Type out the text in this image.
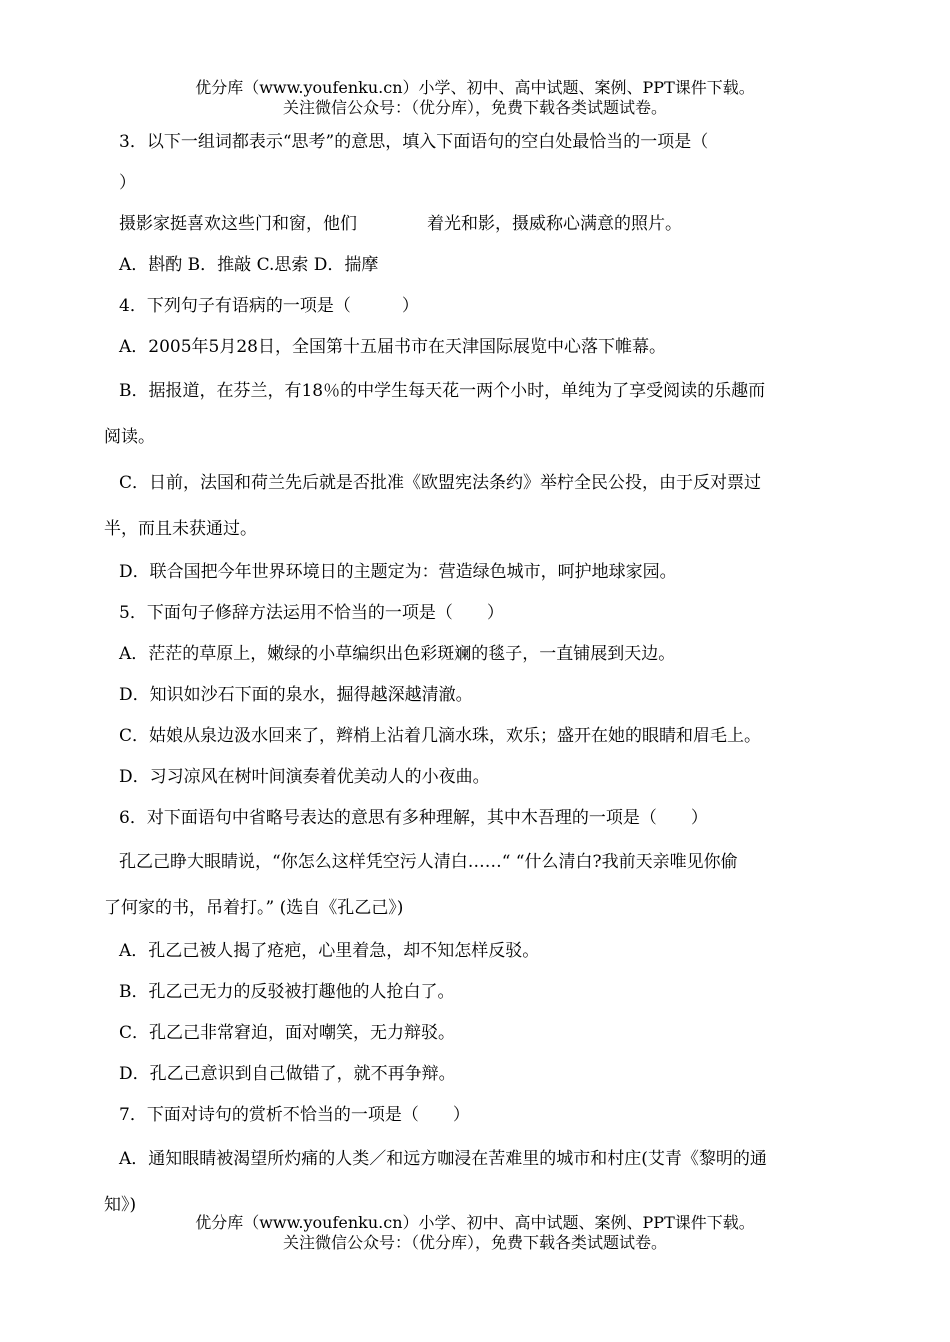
优分库（www.youfenku.cn）小学、初中、高中试题、案例、PPT课件下载。
关注微信公众号：（优分库），免费下载各类试题试卷。
3．以下一组词都表示“思考”的意思，填入下面语句的空白处最恰当的一项是（
）
摄影家挺喜欢这些门和窗，他们	着光和影，摄威称心满意的照片。
A．斟酌 B．推敲 C.思索 D．揣摩
4．下列句子有语病的一项是（　　　）
A．2005年5月28日，全国第十五届书市在天津国际展览中心落下帷幕。
B．据报道，在芬兰，有18％的中学生每天花一两个小时，单纯为了享受阅读的乐趣而
阅读。
C．日前，法国和荷兰先后就是否批准《欧盟宪法条约》举柠全民公投，由于反对票过
半，而且未获通过。
D．联合国把今年世界环境日的主题定为：营造绿色城市，呵护地球家园。
5．下面句子修辞方法运用不恰当的一项是（　　）
A．茫茫的草原上，嫩绿的小草编织出色彩斑斓的毯子，一直铺展到天边。
D．知识如沙石下面的泉水，掘得越深越清澈。
C．姑娘从泉边汲水回来了，辫梢上沾着几滴水珠，欢乐；盛开在她的眼睛和眉毛上。
D．习习凉风在树叶间演奏着优美动人的小夜曲。
6．对下面语句中省略号表达的意思有多种理解，其中木吾理的一项是（　　）
孔乙己睁大眼睛说，“你怎么这样凭空污人清白……“ “什么清白?我前天亲唯见你偷
了何家的书，吊着打。” (选自《孔乙己》)
A．孔乙己被人揭了疮疤，心里着急，却不知怎样反驳。
B．孔乙己无力的反驳被打趣他的人抢白了。
C．孔乙己非常窘迫，面对嘲笑，无力辩驳。
D．孔乙己意识到自己做错了，就不再争辩。
7．下面对诗句的赏析不恰当的一项是（　　）
A．通知眼睛被渴望所灼痛的人类／和远方咖浸在苦难里的城市和村庄(艾青《黎明的通
知》)
优分库（www.youfenku.cn）小学、初中、高中试题、案例、PPT课件下载。
关注微信公众号：（优分库），免费下载各类试题试卷。
